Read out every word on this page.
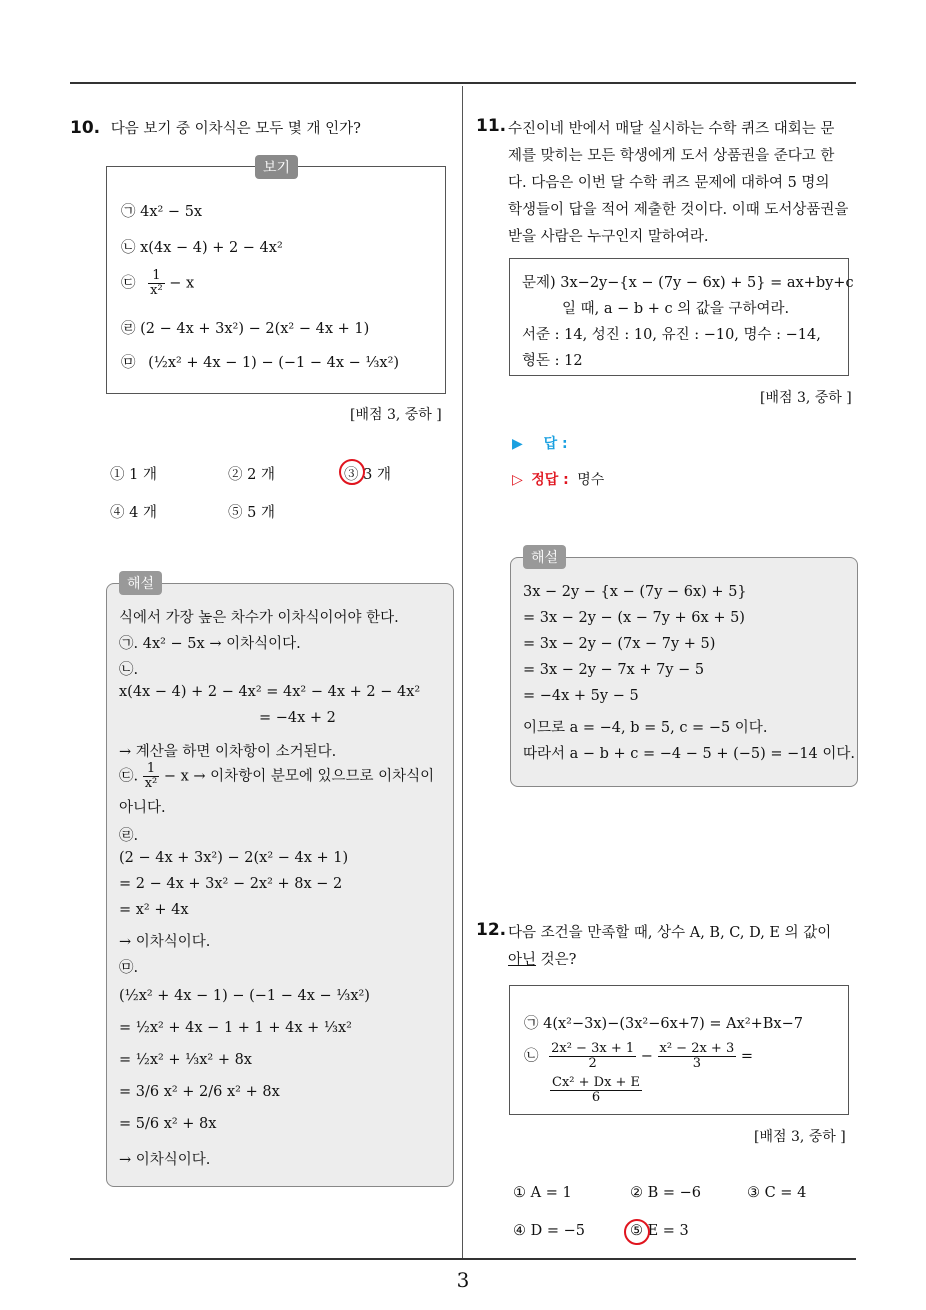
10. 다음 보기 중 이차식은 모두 몇 개 인가?
보기
㉠ 4x² − 5x
㉡ x(4x − 4) + 2 − 4x²
㉢ $\frac{1}{\text{x²}} - x$
㉣ (2 − 4x + 3x²) − 2(x² − 4x + 1)
㉤ (½x² + 4x − 1) − (−1 − 4x − ⅓x²)
[배점 3, 중하 ]
① 1 개	② 2 개	③ 3 개
④ 4 개	⑤ 5 개
해설
식에서 가장 높은 차수가 이차식이어야 한다.
㉠. 4x² − 5x → 이차식이다.
㉡.
x(4x − 4) + 2 − 4x² = 4x² − 4x + 2 − 4x²
= −4x + 2
→ 계산을 하면 이차항이 소거된다.
㉢. $\frac{1}{\text{x²}} - x$ → 이차항이 분모에 있으므로 이차식이
아니다.
㉣.
(2 − 4x + 3x²) − 2(x² − 4x + 1)
= 2 − 4x + 3x² − 2x² + 8x − 2
= x² + 4x
→ 이차식이다.
㉤.
(½x² + 4x − 1) − (−1 − 4x − ⅓x²)
= ½x² + 4x − 1 + 1 + 4x + ⅓x²
= ½x² + ⅓x² + 8x
= 3/6 x² + 2/6 x² + 8x
= 5/6 x² + 8x
→ 이차식이다.
11. 수진이네 반에서 매달 실시하는 수학 퀴즈 대회는 문
제를 맞히는 모든 학생에게 도서 상품권을 준다고 한
다. 다음은 이번 달 수학 퀴즈 문제에 대하여 5 명의
학생들이 답을 적어 제출한 것이다. 이때 도서상품권을
받을 사람은 누구인지 말하여라.
문제) 3x−2y−{x − (7y − 6x) + 5} = ax+by+c
일 때, a − b + c 의 값을 구하여라.
서준 : 14, 성진 : 10, 유진 : −10, 명수 : −14,
형돈 : 12
[배점 3, 중하 ]
▶ 답 :
▷ 정답 : 명수
해설
3x − 2y − {x − (7y − 6x) + 5}
= 3x − 2y − (x − 7y + 6x + 5)
= 3x − 2y − (7x − 7y + 5)
= 3x − 2y − 7x + 7y − 5
= −4x + 5y − 5
이므로 a = −4, b = 5, c = −5 이다.
따라서 a − b + c = −4 − 5 + (−5) = −14 이다.
12. 다음 조건을 만족할 때, 상수 A, B, C, D, E 의 값이
아닌 것은?
㉠ 4(x²−3x)−(3x²−6x+7) = Ax²+Bx−7
㉡ $\frac{\text{2x² − 3x + 1}}{2} - \frac{\text{x² − 2x + 3}}{3}$ =
$\frac{\text{Cx² + Dx + E}}{6}$
[배점 3, 중하 ]
① A = 1	② B = −6	③ C = 4
④ D = −5	⑤ E = 3
3
